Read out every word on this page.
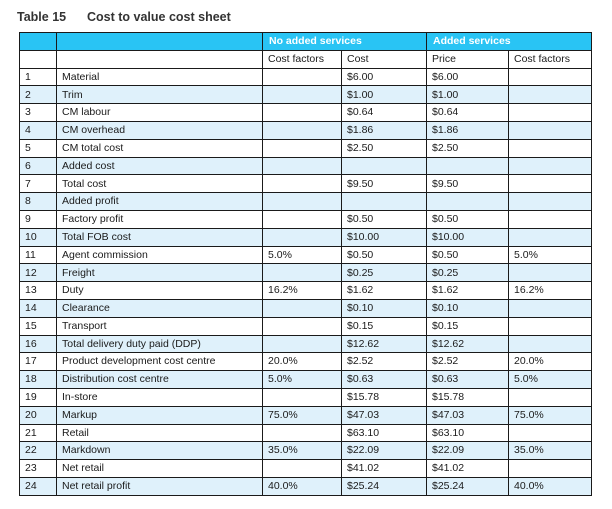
Table 15 Cost to value cost sheet
		No added services		Added services	
		Cost factors	Cost	Price	Cost factors
1	Material		$6.00	$6.00	
2	Trim		$1.00	$1.00	
3	CM labour		$0.64	$0.64	
4	CM overhead		$1.86	$1.86	
5	CM total cost		$2.50	$2.50	
6	Added cost				
7	Total cost		$9.50	$9.50	
8	Added profit				
9	Factory profit		$0.50	$0.50	
10	Total FOB cost		$10.00	$10.00	
11	Agent commission	5.0%	$0.50	$0.50	5.0%
12	Freight		$0.25	$0.25	
13	Duty	16.2%	$1.62	$1.62	16.2%
14	Clearance		$0.10	$0.10	
15	Transport		$0.15	$0.15	
16	Total delivery duty paid (DDP)		$12.62	$12.62	
17	Product development cost centre	20.0%	$2.52	$2.52	20.0%
18	Distribution cost centre	5.0%	$0.63	$0.63	5.0%
19	In-store		$15.78	$15.78	
20	Markup	75.0%	$47.03	$47.03	75.0%
21	Retail		$63.10	$63.10	
22	Markdown	35.0%	$22.09	$22.09	35.0%
23	Net retail		$41.02	$41.02	
24	Net retail profit	40.0%	$25.24	$25.24	40.0%
